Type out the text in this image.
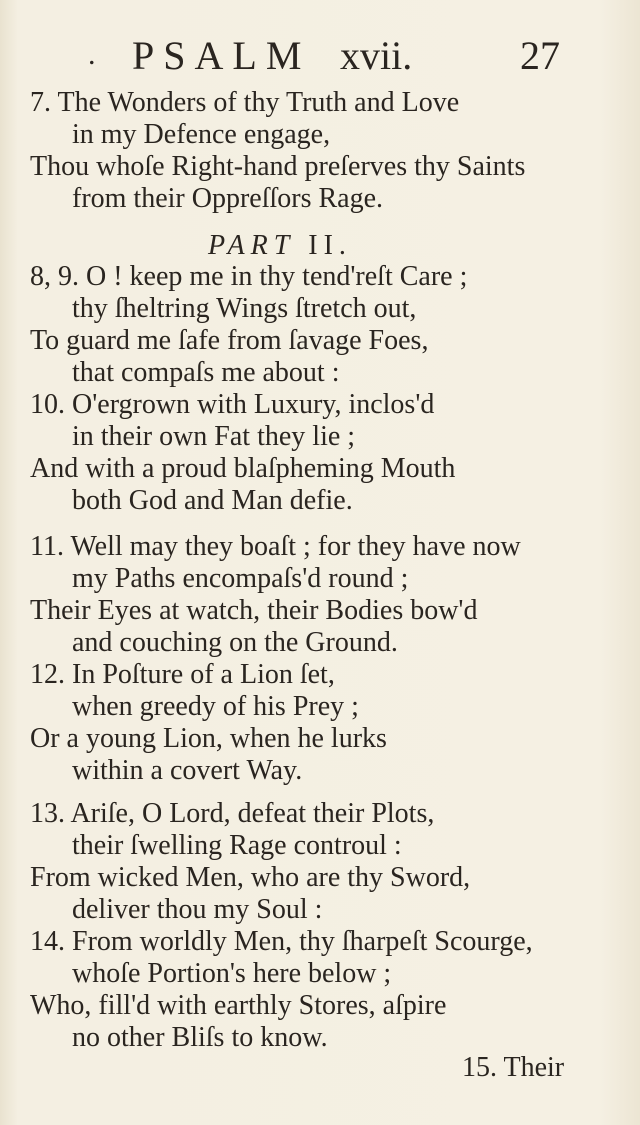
. PSALM xvii.	27
7. The Wonders of thy Truth and Love
in my Defence engage,
Thou whoſe Right-hand preſerves thy Saints
from their Oppreſſors Rage.
PART II.
8, 9. O ! keep me in thy tend'reſt Care ;
thy ſheltring Wings ſtretch out,
To guard me ſafe from ſavage Foes,
that compaſs me about :
10. O'ergrown with Luxury, inclos'd
in their own Fat they lie ;
And with a proud blaſpheming Mouth
both God and Man defie.
11. Well may they boaſt ; for they have now
my Paths encompaſs'd round ;
Their Eyes at watch, their Bodies bow'd
and couching on the Ground.
12. In Poſture of a Lion ſet,
when greedy of his Prey ;
Or a young Lion, when he lurks
within a covert Way.
13. Ariſe, O Lord, defeat their Plots,
their ſwelling Rage controul :
From wicked Men, who are thy Sword,
deliver thou my Soul :
14. From worldly Men, thy ſharpeſt Scourge,
whoſe Portion's here below ;
Who, fill'd with earthly Stores, aſpire
no other Bliſs to know.
15. Their
